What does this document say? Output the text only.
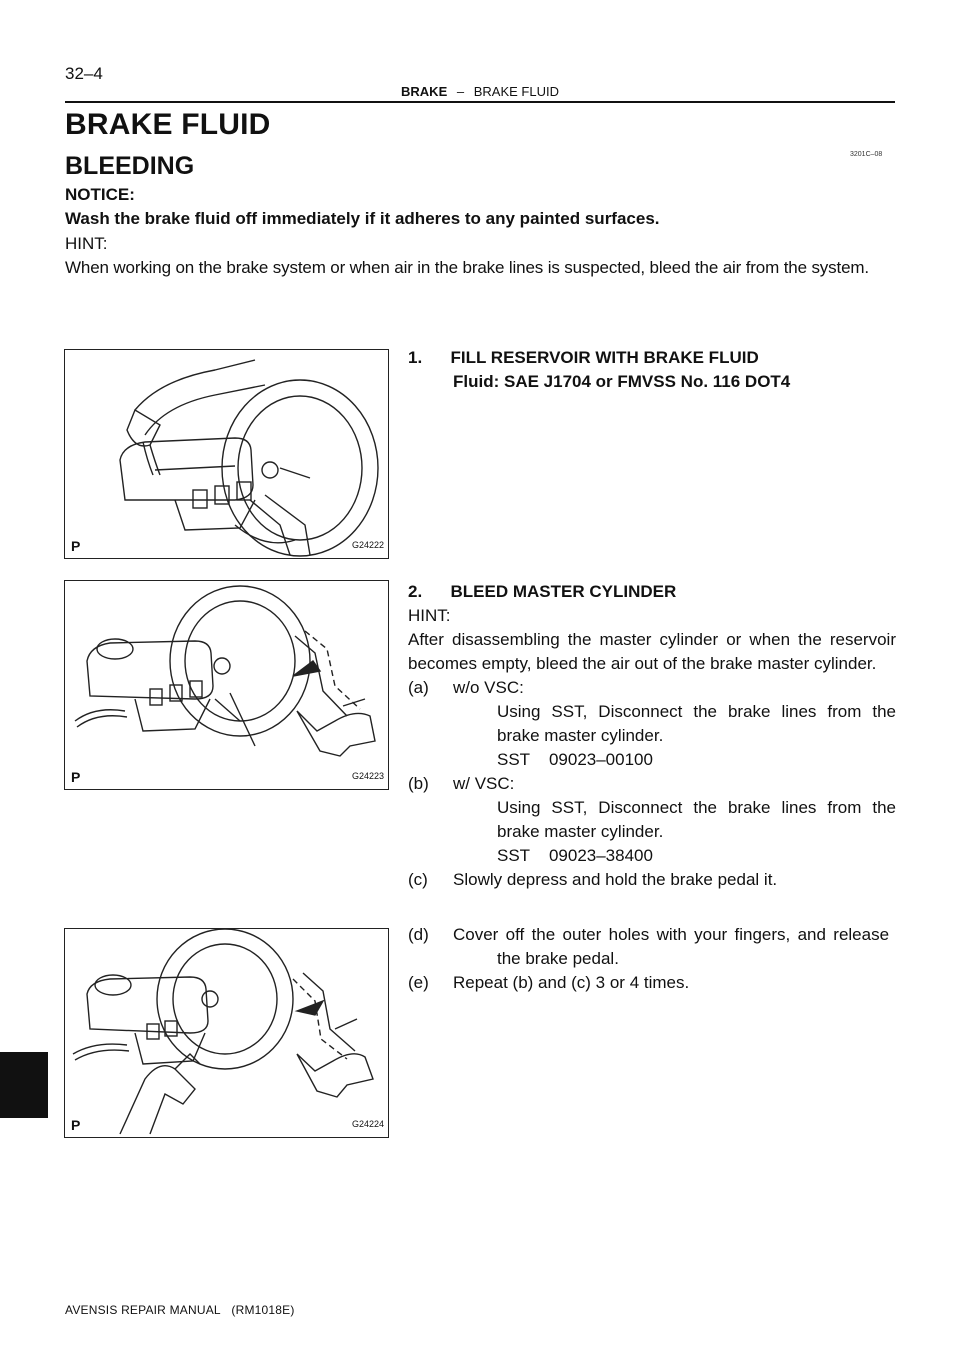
32–4
BRAKE – BRAKE FLUID
BRAKE FLUID
3201C–08
BLEEDING
NOTICE:
Wash the brake fluid off immediately if it adheres to any painted surfaces.
HINT:
When working on the brake system or when air in the brake lines is suspected, bleed the air from the system.
P	G24222
P	G24223
P	G24224
1.      FILL RESERVOIR WITH BRAKE FLUID
Fluid: SAE J1704 or FMVSS No. 116 DOT4
2.      BLEED MASTER CYLINDER
HINT:
After disassembling the master cylinder or when the reservoir becomes empty, bleed the air out of the brake master cylinder.
(a) w/o VSC:
Using SST, Disconnect the brake lines from the brake master cylinder.
SST    09023–00100
(b) w/ VSC:
Using SST, Disconnect the brake lines from the brake master cylinder.
SST    09023–38400
(c) Slowly depress and hold the brake pedal it.
(d) Cover off the outer holes with your fingers, and release
the brake pedal.
(e) Repeat (b) and (c) 3 or 4 times.
AVENSIS REPAIR MANUAL   (RM1018E)
